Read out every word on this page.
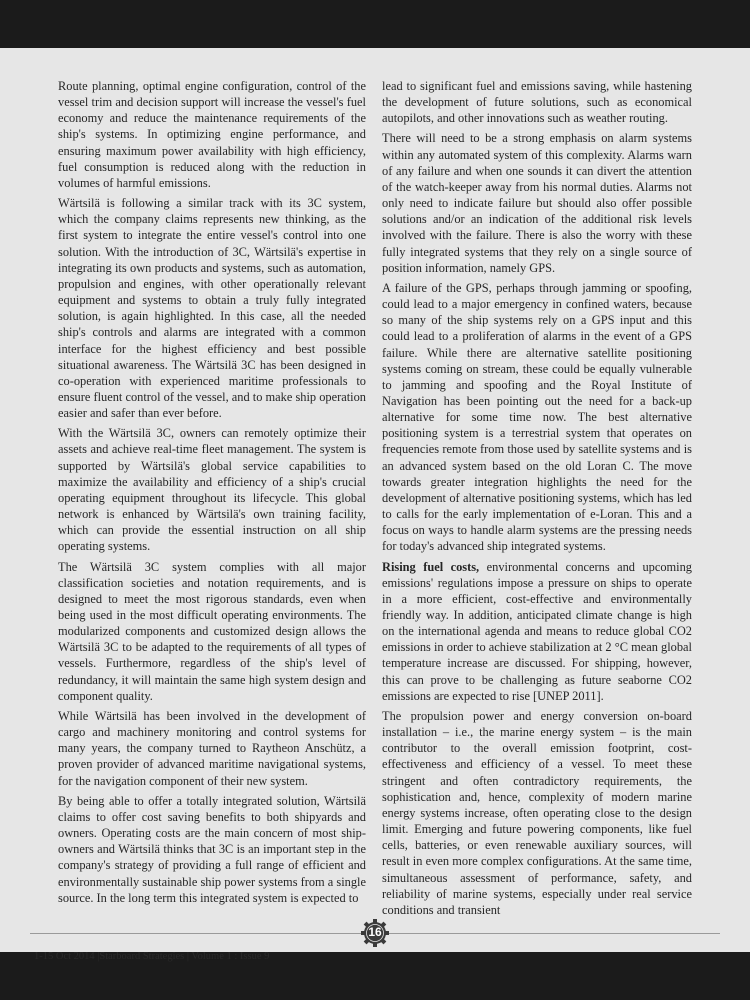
Route planning, optimal engine configuration, control of the vessel trim and decision support will increase the vessel's fuel economy and reduce the maintenance requirements of the ship's systems. In optimizing engine performance, and ensuring maximum power availability with high efficiency, fuel consumption is reduced along with the reduction in volumes of harmful emissions.

Wärtsilä is following a similar track with its 3C system, which the company claims represents new thinking, as the first system to integrate the entire vessel's control into one solution. With the introduction of 3C, Wärtsilä's expertise in integrating its own products and systems, such as automation, propulsion and engines, with other operationally relevant equipment and systems to obtain a truly fully integrated solution, is again highlighted. In this case, all the needed ship's controls and alarms are integrated with a common interface for the highest efficiency and best possible situational awareness. The Wärtsilä 3C has been designed in co-operation with experienced maritime professionals to ensure fluent control of the vessel, and to make ship operation easier and safer than ever before.

With the Wärtsilä 3C, owners can remotely optimize their assets and achieve real-time fleet management. The system is supported by Wärtsilä's global service capabilities to maximize the availability and efficiency of a ship's crucial operating equipment throughout its lifecycle. This global network is enhanced by Wärtsilä's own training facility, which can provide the essential instruction on all ship operating systems.

The Wärtsilä 3C system complies with all major classification societies and notation requirements, and is designed to meet the most rigorous standards, even when being used in the most difficult operating environments. The modularized components and customized design allows the Wärtsilä 3C to be adapted to the requirements of all types of vessels. Furthermore, regardless of the ship's level of redundancy, it will maintain the same high system design and component quality.

While Wärtsilä has been involved in the development of cargo and machinery monitoring and control systems for many years, the company turned to Raytheon Anschütz, a proven provider of advanced maritime navigational systems, for the navigation component of their new system.

By being able to offer a totally integrated solution, Wärtsilä claims to offer cost saving benefits to both shipyards and owners. Operating costs are the main concern of most ship-owners and Wärtsilä thinks that 3C is an important step in the company's strategy of providing a full range of efficient and environmentally sustainable ship power systems from a single source. In the long term this integrated system is expected to

lead to significant fuel and emissions saving, while hastening the development of future solutions, such as economical autopilots, and other innovations such as weather routing.

There will need to be a strong emphasis on alarm systems within any automated system of this complexity. Alarms warn of any failure and when one sounds it can divert the attention of the watch-keeper away from his normal duties. Alarms not only need to indicate failure but should also offer possible solutions and/or an indication of the additional risk levels involved with the failure. There is also the worry with these fully integrated systems that they rely on a single source of position information, namely GPS.

A failure of the GPS, perhaps through jamming or spoofing, could lead to a major emergency in confined waters, because so many of the ship systems rely on a GPS input and this could lead to a proliferation of alarms in the event of a GPS failure. While there are alternative satellite positioning systems coming on stream, these could be equally vulnerable to jamming and spoofing and the Royal Institute of Navigation has been pointing out the need for a back-up alternative for some time now. The best alternative positioning system is a terrestrial system that operates on frequencies remote from those used by satellite systems and is an advanced system based on the old Loran C. The move towards greater integration highlights the need for the development of alternative positioning systems, which has led to calls for the early implementation of e-Loran. This and a focus on ways to handle alarm systems are the pressing needs for today's advanced ship integrated systems.

Rising fuel costs, environmental concerns and upcoming emissions' regulations impose a pressure on ships to operate in a more efficient, cost-effective and environmentally friendly way. In addition, anticipated climate change is high on the international agenda and means to reduce global CO2 emissions in order to achieve stabilization at 2 °C mean global temperature increase are discussed. For shipping, however, this can prove to be challenging as future seaborne CO2 emissions are expected to rise [UNEP 2011].

The propulsion power and energy conversion on-board installation – i.e., the marine energy system – is the main contributor to the overall emission footprint, cost-effectiveness and efficiency of a vessel. To meet these stringent and often contradictory requirements, the sophistication and, hence, complexity of modern marine energy systems increase, often operating close to the design limit. Emerging and future powering components, like fuel cells, batteries, or even renewable auxiliary sources, will result in even more complex configurations. At the same time, simultaneous assessment of performance, safety, and reliability of marine systems, especially under real service conditions and transient

16
1-15 Oct 2014 |Starboard Strategies | Volume 1 : Issue 9
